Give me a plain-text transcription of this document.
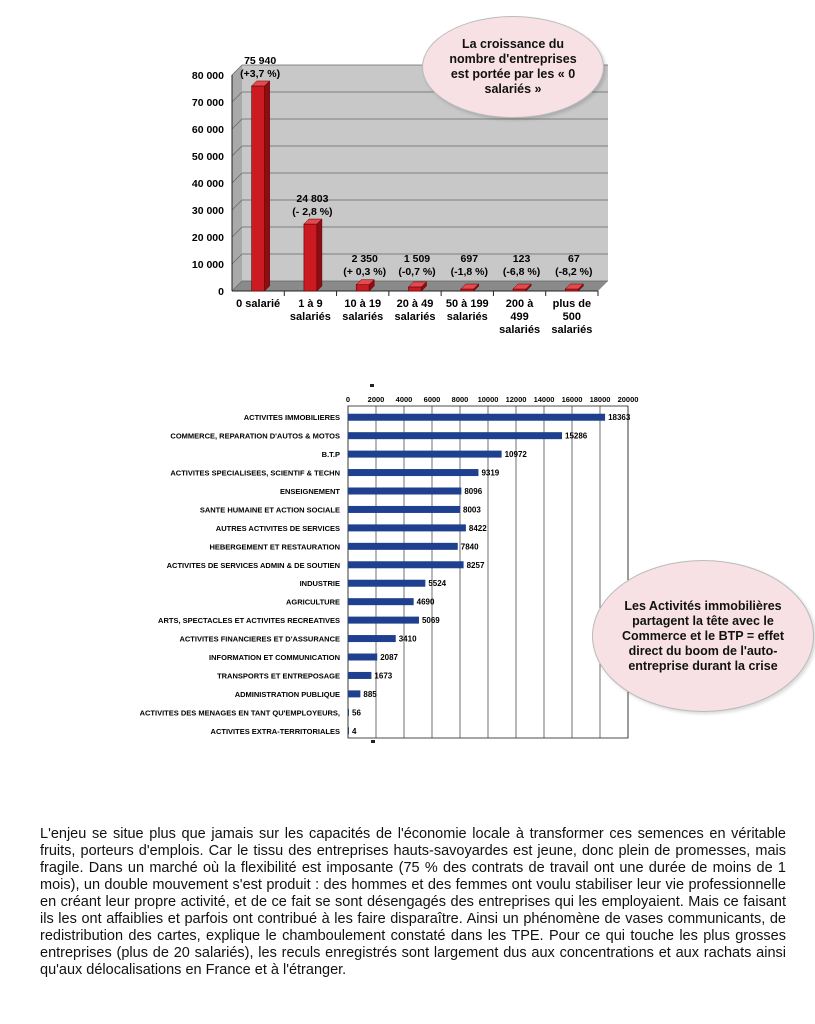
0
10 000
20 000
30 000
40 000
50 000
60 000
70 000
80 000
75 940
(+3,7 %)
0 salarié
24 803
(- 2,8 %)
1 à 9
salariés
2 350
(+ 0,3 %)
10 à 19
salariés
1 509
(-0,7 %)
20 à 49
salariés
697
(-1,8 %)
50 à 199
salariés
123
(-6,8 %)
200 à
499
salariés
67
(-8,2 %)
plus de
500
salariés
0 2000 4000 6000 8000 10000 12000 14000 16000 18000 20000
18363
ACTIVITES IMMOBILIERES
15286
COMMERCE, REPARATION D'AUTOS & MOTOS
10972
B.T.P
9319
ACTIVITES SPECIALISEES, SCIENTIF & TECHN
8096
ENSEIGNEMENT
8003
SANTE HUMAINE ET ACTION SOCIALE
8422
AUTRES ACTIVITES DE SERVICES
7840
HEBERGEMENT ET RESTAURATION
8257
ACTIVITES DE SERVICES ADMIN & DE SOUTIEN
5524
INDUSTRIE
4690
AGRICULTURE
5069
ARTS, SPECTACLES ET ACTIVITES RECREATIVES
3410
ACTIVITES FINANCIERES ET D'ASSURANCE
2087
INFORMATION ET COMMUNICATION
1673
TRANSPORTS ET ENTREPOSAGE
885
ADMINISTRATION PUBLIQUE
56
ACTIVITES DES MENAGES EN TANT QU'EMPLOYEURS,
4
ACTIVITES EXTRA-TERRITORIALES
La croissance du nombre d'entreprises est portée par les « 0 salariés »
Les Activités immobilières partagent la tête avec le Commerce et le BTP = effet direct du boom de l'auto-entreprise durant la crise
L'enjeu se situe plus que jamais sur les capacités de l'économie locale à transformer ces semences en véritable fruits, porteurs d'emplois. Car le tissu des entreprises hauts-savoyardes est jeune, donc plein de promesses, mais fragile. Dans un marché où la flexibilité est imposante (75 % des contrats de travail ont une durée de moins de 1 mois), un double mouvement s'est produit : des hommes et des femmes ont voulu stabiliser leur vie professionnelle en créant leur propre activité, et de ce fait se sont désengagés des entreprises qui les employaient. Mais ce faisant ils les ont affaiblies et parfois ont contribué à les faire disparaître. Ainsi un phénomène de vases communicants, de redistribution des cartes, explique le chamboulement constaté dans les TPE. Pour ce qui touche les plus grosses entreprises (plus de 20 salariés), les reculs enregistrés sont largement dus aux concentrations et aux rachats ainsi qu'aux délocalisations en France et à l'étranger.
